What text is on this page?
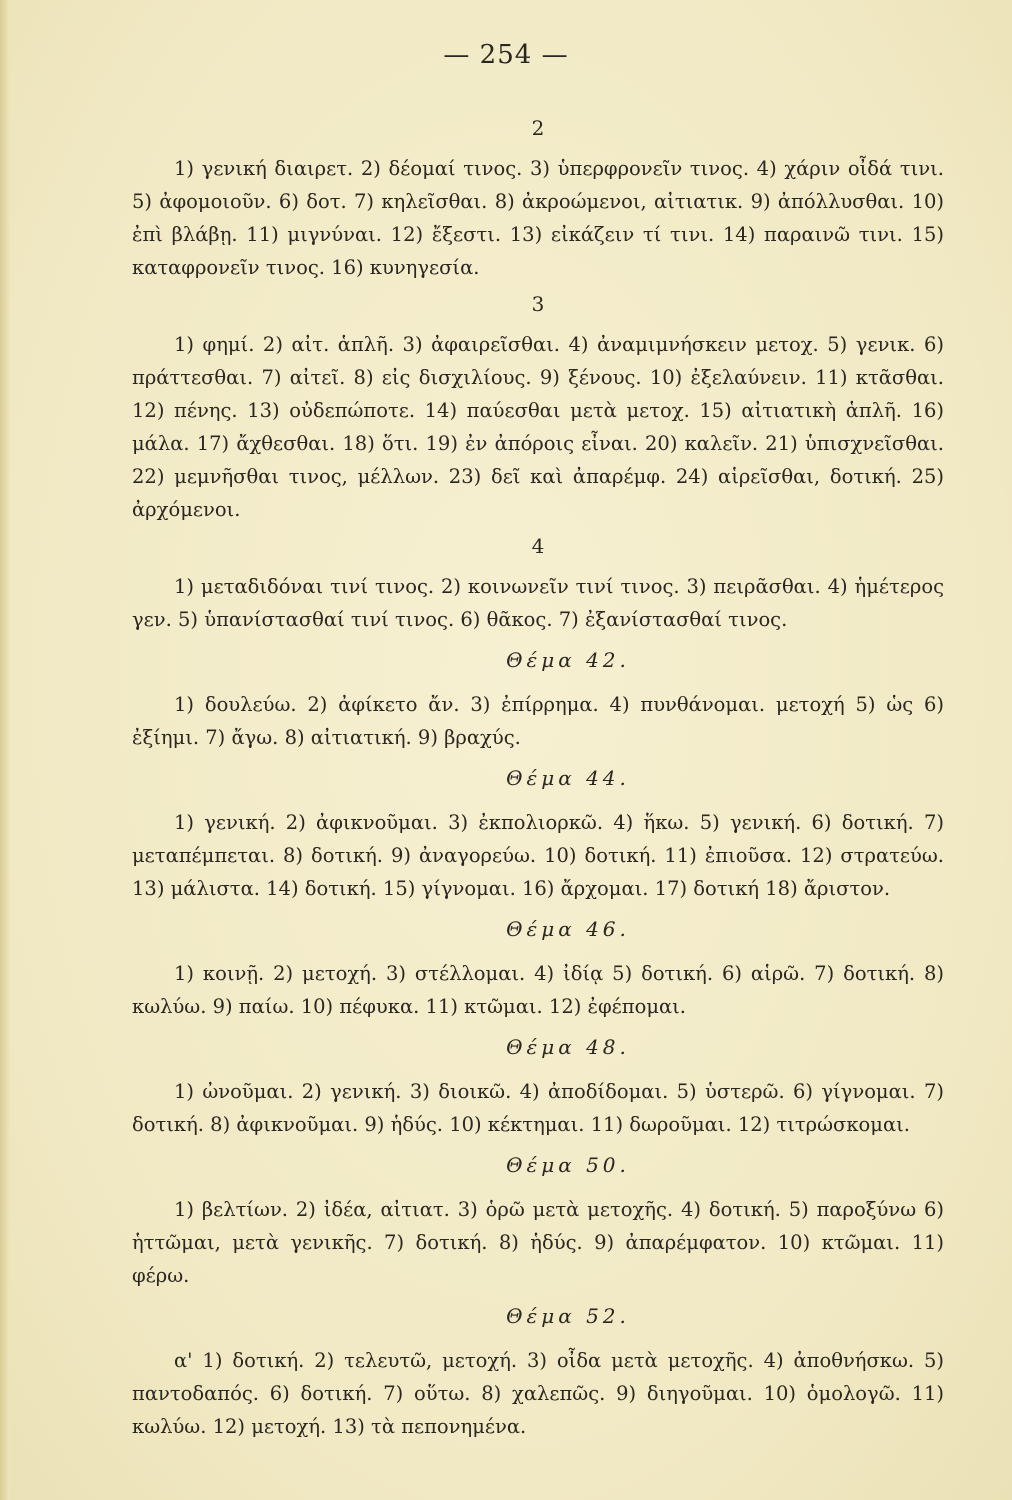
— 254 —
2

1) γενική διαιρετ. 2) δέομαί τινος. 3) ὑπερφρονεῖν τινος. 4) χάριν οἶδά τινι. 5) ἀφομοιοῦν. 6) δοτ. 7) κηλεῖσθαι. 8) ἀκροώμενοι, αἰτιατικ. 9) ἀπόλλυσθαι. 10) ἐπὶ βλάβῃ. 11) μιγνύναι. 12) ἔξεστι. 13) εἰκάζειν τί τινι. 14) παραινῶ τινι. 15) καταφρονεῖν τινος. 16) κυνηγεσία.

3

1) φημί. 2) αἰτ. ἁπλῆ. 3) ἀφαιρεῖσθαι. 4) ἀναμιμνήσκειν μετοχ. 5) γενικ. 6) πράττεσθαι. 7) αἰτεῖ. 8) εἰς δισχιλίους. 9) ξένους. 10) ἐξελαύνειν. 11) κτᾶσθαι. 12) πένης. 13) οὐδεπώποτε. 14) παύεσθαι μετὰ μετοχ. 15) αἰτιατικὴ ἁπλῆ. 16) μάλα. 17) ἄχθεσθαι. 18) ὅτι. 19) ἐν ἀπόροις εἶναι. 20) καλεῖν. 21) ὑπισχνεῖσθαι. 22) μεμνῆσθαι τινος, μέλλων. 23) δεῖ καὶ ἀπαρέμφ. 24) αἱρεῖσθαι, δοτική. 25) ἀρχόμενοι.

4

1) μεταδιδόναι τινί τινος. 2) κοινωνεῖν τινί τινος. 3) πειρᾶσθαι. 4) ἡμέτερος γεν. 5) ὑπανίστασθαί τινί τινος. 6) θᾶκος. 7) ἐξανίστασθαί τινος.

Θέμα 42.

1) δουλεύω. 2) ἀφίκετο ἄν. 3) ἐπίρρημα. 4) πυνθάνομαι. μετοχή 5) ὡς 6) ἐξίημι. 7) ἄγω. 8) αἰτιατική. 9) βραχύς.

Θέμα 44.

1) γενική. 2) ἀφικνοῦμαι. 3) ἐκπολιορκῶ. 4) ἥκω. 5) γενική. 6) δοτική. 7) μεταπέμπεται. 8) δοτική. 9) ἀναγορεύω. 10) δοτική. 11) ἐπιοῦσα. 12) στρατεύω. 13) μάλιστα. 14) δοτική. 15) γίγνομαι. 16) ἄρχομαι. 17) δοτική 18) ἄριστον.

Θέμα 46.

1) κοινῇ. 2) μετοχή. 3) στέλλομαι. 4) ἰδίᾳ 5) δοτική. 6) αἱρῶ. 7) δοτική. 8) κωλύω. 9) παίω. 10) πέφυκα. 11) κτῶμαι. 12) ἐφέπομαι.

Θέμα 48.

1) ὠνοῦμαι. 2) γενική. 3) διοικῶ. 4) ἀποδίδομαι. 5) ὑστερῶ. 6) γίγνομαι. 7) δοτική. 8) ἀφικνοῦμαι. 9) ἡδύς. 10) κέκτημαι. 11) δωροῦμαι. 12) τιτρώσκομαι.

Θέμα 50.

1) βελτίων. 2) ἰδέα, αἰτιατ. 3) ὁρῶ μετὰ μετοχῆς. 4) δοτική. 5) παροξύνω 6) ἡττῶμαι, μετὰ γενικῆς. 7) δοτική. 8) ἡδύς. 9) ἀπαρέμφατον. 10) κτῶμαι. 11) φέρω.

Θέμα 52.

α' 1) δοτική. 2) τελευτῶ, μετοχή. 3) οἶδα μετὰ μετοχῆς. 4) ἀποθνήσκω. 5) παντοδαπός. 6) δοτική. 7) οὕτω. 8) χαλεπῶς. 9) διηγοῦμαι. 10) ὁμολογῶ. 11) κωλύω. 12) μετοχή. 13) τὰ πεπονημένα.
